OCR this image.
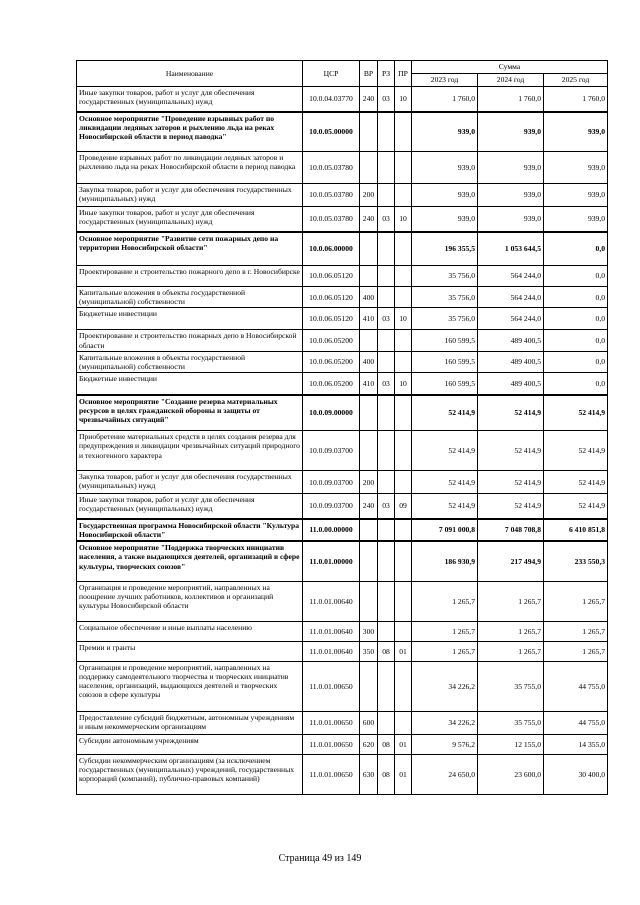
Наименование	ЦСР	ВР	РЗ	ПР	Сумма		
					2023 год	2024 год	2025 год
Иные закупки товаров, работ и услуг для обеспечения государственных (муниципальных) нужд	10.0.04.03770	240	03	10	1 760,0	1 760,0	1 760,0
Основное мероприятие "Проведение взрывных работ по ликвидации ледяных заторов и рыхлению льда на реках Новосибирской области в период паводка"	10.0.05.00000				939,0	939,0	939,0
Проведение взрывных работ по ликвидации ледяных заторов и рыхлению льда на реках Новосибирской области в период паводка	10.0.05.03780				939,0	939,0	939,0
Закупка товаров, работ и услуг для обеспечения государственных (муниципальных) нужд	10.0.05.03780	200			939,0	939,0	939,0
Иные закупки товаров, работ и услуг для обеспечения государственных (муниципальных) нужд	10.0.05.03780	240	03	10	939,0	939,0	939,0
Основное мероприятие "Развитие сети пожарных депо на территории Новосибирской области"	10.0.06.00000				196 355,5	1 053 644,5	0,0
Проектирование и строительство пожарного депо в г. Новосибирске	10.0.06.05120				35 756,0	564 244,0	0,0
Капитальные вложения в объекты государственной (муниципальной) собственности	10.0.06.05120	400			35 756,0	564 244,0	0,0
Бюджетные инвестиции	10.0.06.05120	410	03	10	35 756,0	564 244,0	0,0
Проектирование и строительство пожарных депо в Новосибирской области	10.0.06.05200				160 599,5	489 400,5	0,0
Капитальные вложения в объекты государственной (муниципальной) собственности	10.0.06.05200	400			160 599,5	489 400,5	0,0
Бюджетные инвестиции	10.0.06.05200	410	03	10	160 599,5	489 400,5	0,0
Основное мероприятие "Создание резерва материальных ресурсов в целях гражданской обороны и защиты от чрезвычайных ситуаций"	10.0.09.00000				52 414,9	52 414,9	52 414,9
Приобретение материальных средств в целях создания резерва для предупреждения и ликвидации чрезвычайных ситуаций природного и техногенного характера	10.0.09.03700				52 414,9	52 414,9	52 414,9
Закупка товаров, работ и услуг для обеспечения государственных (муниципальных) нужд	10.0.09.03700	200			52 414,9	52 414,9	52 414,9
Иные закупки товаров, работ и услуг для обеспечения государственных (муниципальных) нужд	10.0.09.03700	240	03	09	52 414,9	52 414,9	52 414,9
Государственная программа Новосибирской области "Культура Новосибирской области"	11.0.00.00000				7 091 000,8	7 048 708,8	6 410 851,8
Основное мероприятие "Поддержка творческих инициатив населения, а также выдающихся деятелей, организаций в сфере культуры, творческих союзов"	11.0.01.00000				186 930,9	217 494,9	233 550,3
Организация и проведение мероприятий, направленных на поощрение лучших работников, коллективов и организаций культуры Новосибирской области	11.0.01.00640				1 265,7	1 265,7	1 265,7
Социальное обеспечение и иные выплаты населению	11.0.01.00640	300			1 265,7	1 265,7	1 265,7
Премии и гранты	11.0.01.00640	350	08	01	1 265,7	1 265,7	1 265,7
Организация и проведение мероприятий, направленных на поддержку самодеятельного творчества и творческих инициатив населения, организаций, выдающихся деятелей и творческих союзов в сфере культуры	11.0.01.00650				34 226,2	35 755,0	44 755,0
Предоставление субсидий бюджетным, автономным учреждениям и иным некоммерческим организациям	11.0.01.00650	600			34 226,2	35 755,0	44 755,0
Субсидии автономным учреждениям	11.0.01.00650	620	08	01	9 576,2	12 155,0	14 355,0
Субсидии некоммерческим организациям (за исключением государственных (муниципальных) учреждений, государственных корпораций (компаний), публично-правовых компаний)	11.0.01.00650	630	08	01	24 650,0	23 600,0	30 400,0
Страница 49 из 149
